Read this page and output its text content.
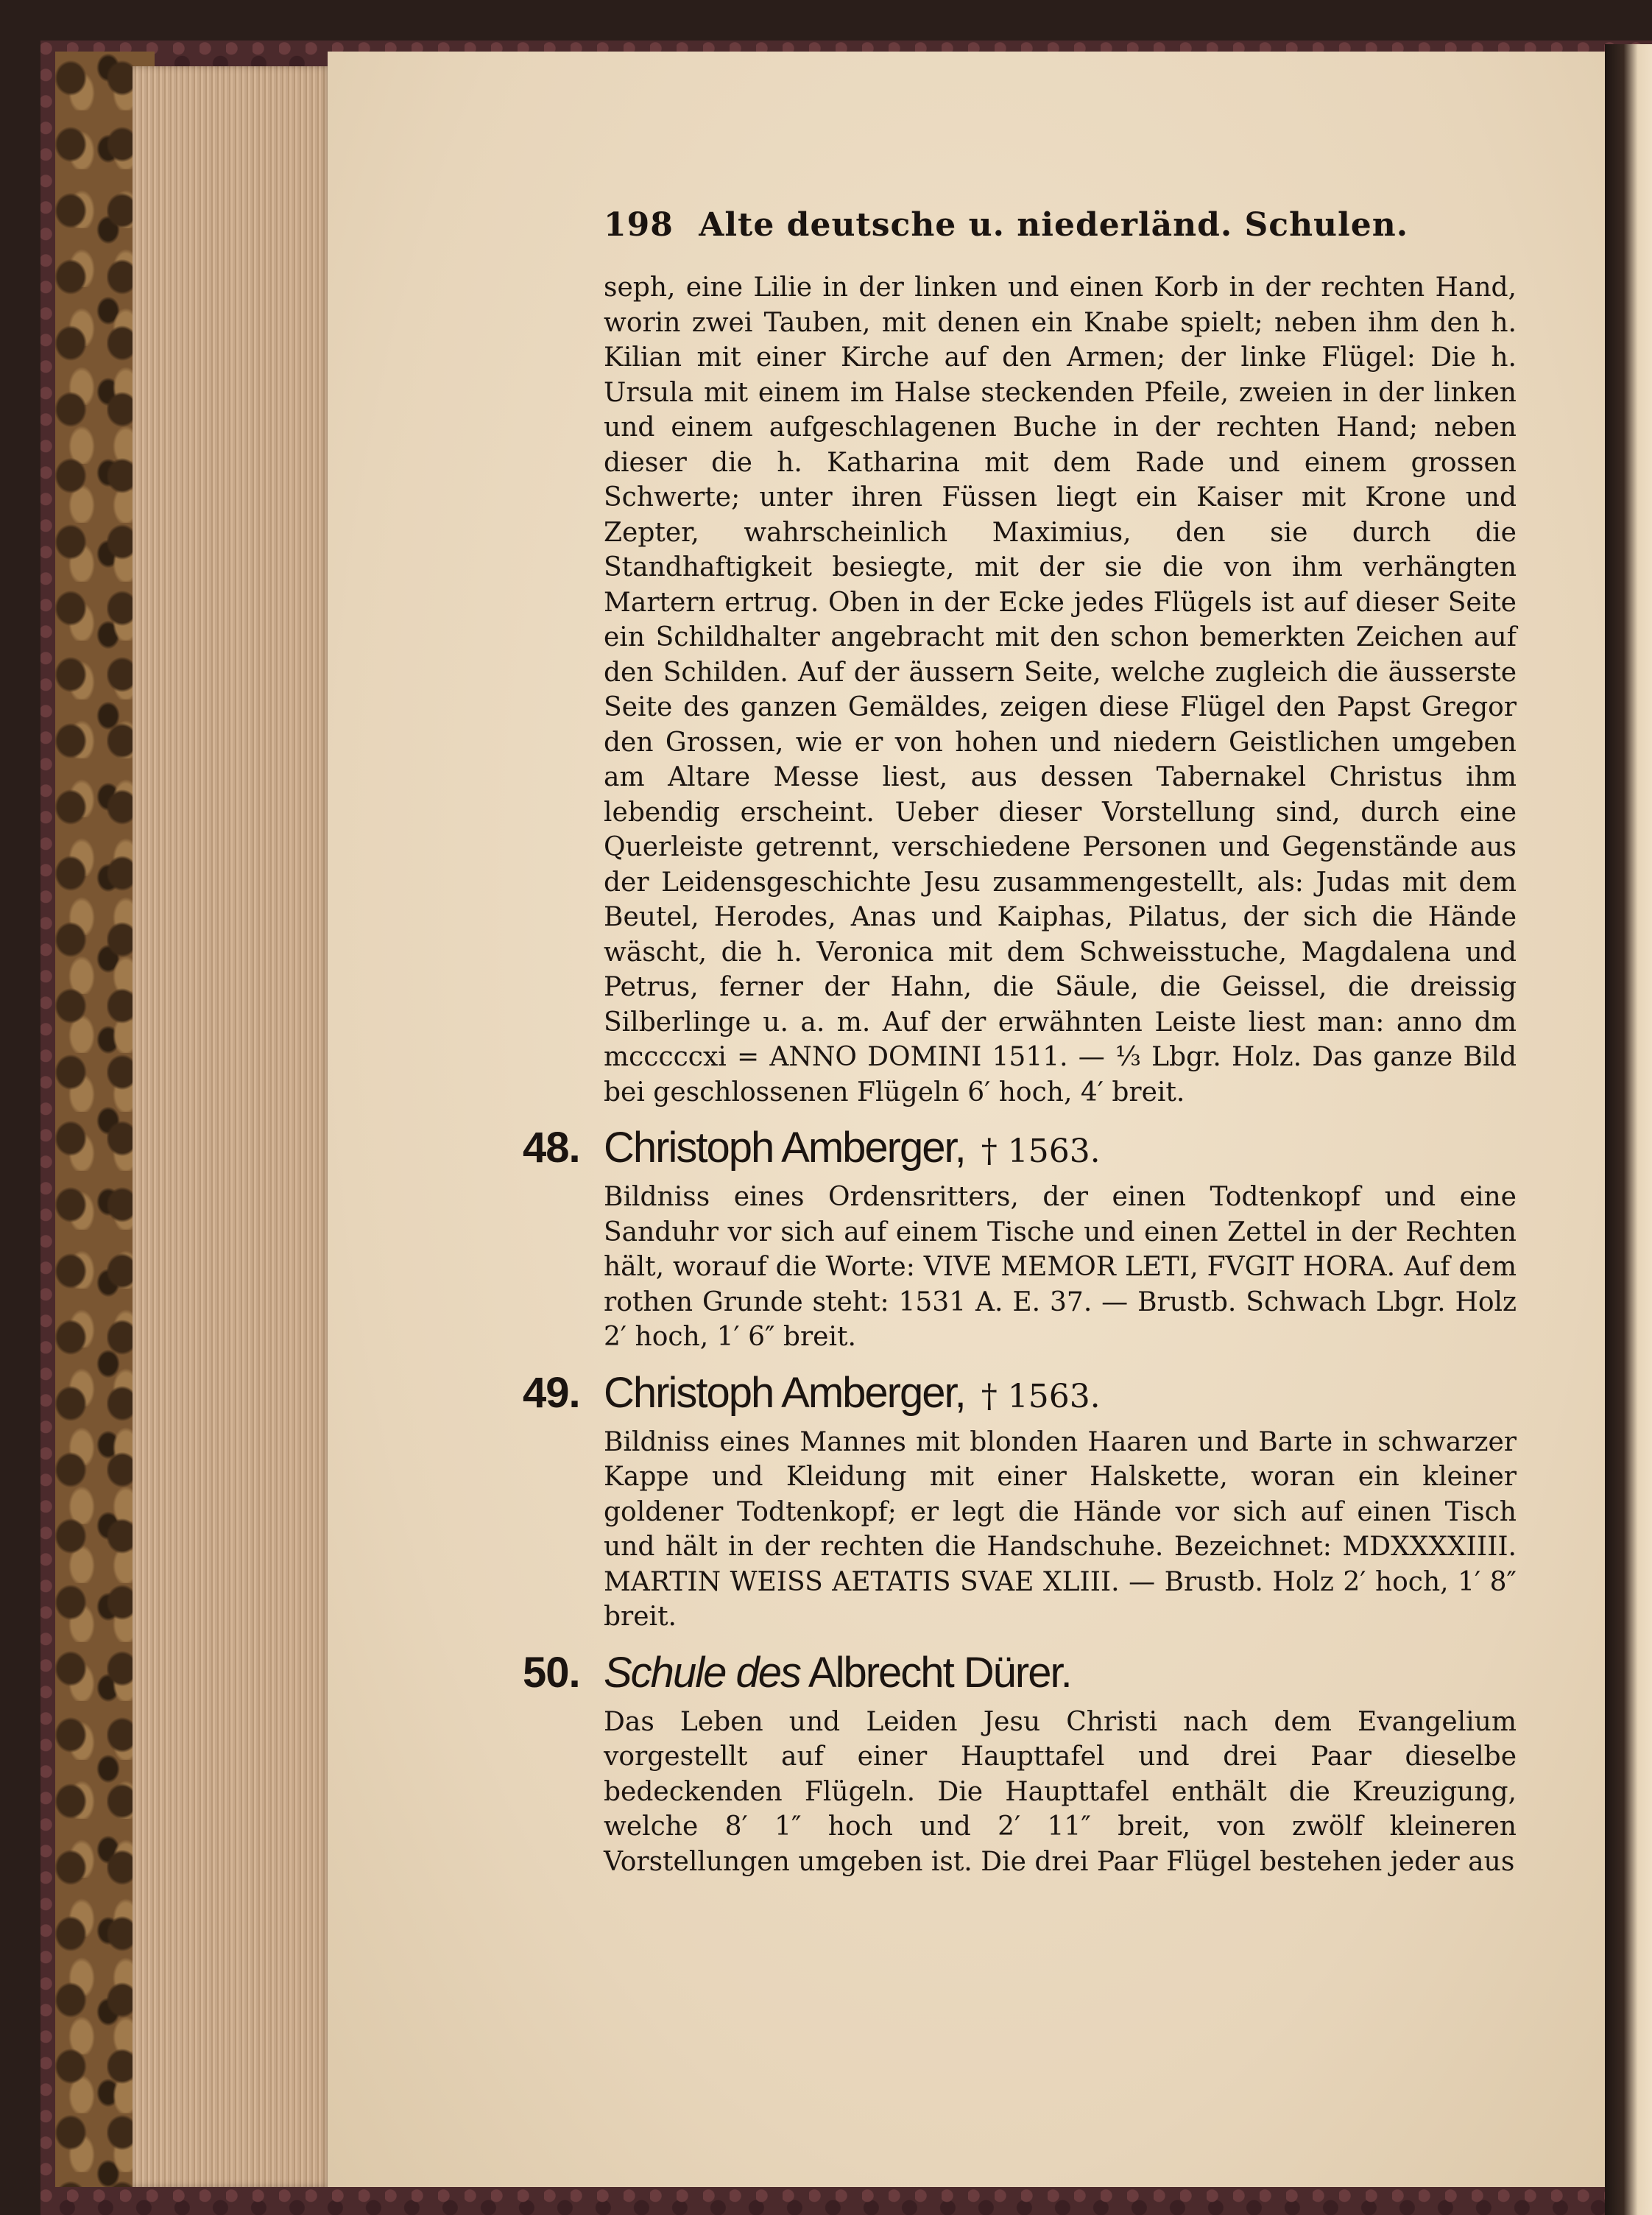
198 Alte deutsche u. niederländ. Schulen.

seph, eine Lilie in der linken und einen Korb in der rechten Hand, worin zwei Tauben, mit denen ein Knabe spielt; neben ihm den h. Kilian mit einer Kirche auf den Armen; der linke Flügel: Die h. Ursula mit einem im Halse steckenden Pfeile, zweien in der linken und einem aufgeschlagenen Buche in der rechten Hand; neben dieser die h. Katharina mit dem Rade und einem grossen Schwerte; unter ihren Füssen liegt ein Kaiser mit Krone und Zepter, wahrscheinlich Maximius, den sie durch die Standhaftigkeit besiegte, mit der sie die von ihm verhängten Martern ertrug. Oben in der Ecke jedes Flügels ist auf dieser Seite ein Schildhalter angebracht mit den schon bemerkten Zeichen auf den Schilden. Auf der äussern Seite, welche zugleich die äusserste Seite des ganzen Gemäldes, zeigen diese Flügel den Papst Gregor den Grossen, wie er von hohen und niedern Geistlichen umgeben am Altare Messe liest, aus dessen Tabernakel Christus ihm lebendig erscheint. Ueber dieser Vorstellung sind, durch eine Querleiste getrennt, verschiedene Personen und Gegenstände aus der Leidensgeschichte Jesu zusammengestellt, als: Judas mit dem Beutel, Herodes, Anas und Kaiphas, Pilatus, der sich die Hände wäscht, die h. Veronica mit dem Schweisstuche, Magdalena und Petrus, ferner der Hahn, die Säule, die Geissel, die dreissig Silberlinge u. a. m. Auf der erwähnten Leiste liest man: anno dm mcccccxi = ANNO DOMINI 1511. — ⅓ Lbgr. Holz. Das ganze Bild bei geschlossenen Flügeln 6′ hoch, 4′ breit.

48. Christoph Amberger, † 1563.

Bildniss eines Ordensritters, der einen Todtenkopf und eine Sanduhr vor sich auf einem Tische und einen Zettel in der Rechten hält, worauf die Worte: VIVE MEMOR LETI, FVGIT HORA. Auf dem rothen Grunde steht: 1531 A. E. 37. — Brustb. Schwach Lbgr. Holz 2′ hoch, 1′ 6″ breit.

49. Christoph Amberger, † 1563.

Bildniss eines Mannes mit blonden Haaren und Barte in schwarzer Kappe und Kleidung mit einer Halskette, woran ein kleiner goldener Todtenkopf; er legt die Hände vor sich auf einen Tisch und hält in der rechten die Handschuhe. Bezeichnet: MDXXXXIIII. MARTIN WEISS AETATIS SVAE XLIII. — Brustb. Holz 2′ hoch, 1′ 8″ breit.

50. Schule des Albrecht Dürer.

Das Leben und Leiden Jesu Christi nach dem Evangelium vorgestellt auf einer Haupttafel und drei Paar dieselbe bedeckenden Flügeln. Die Haupttafel enthält die Kreuzigung, welche 8′ 1″ hoch und 2′ 11″ breit, von zwölf kleineren Vorstellungen umgeben ist. Die drei Paar Flügel bestehen jeder aus
